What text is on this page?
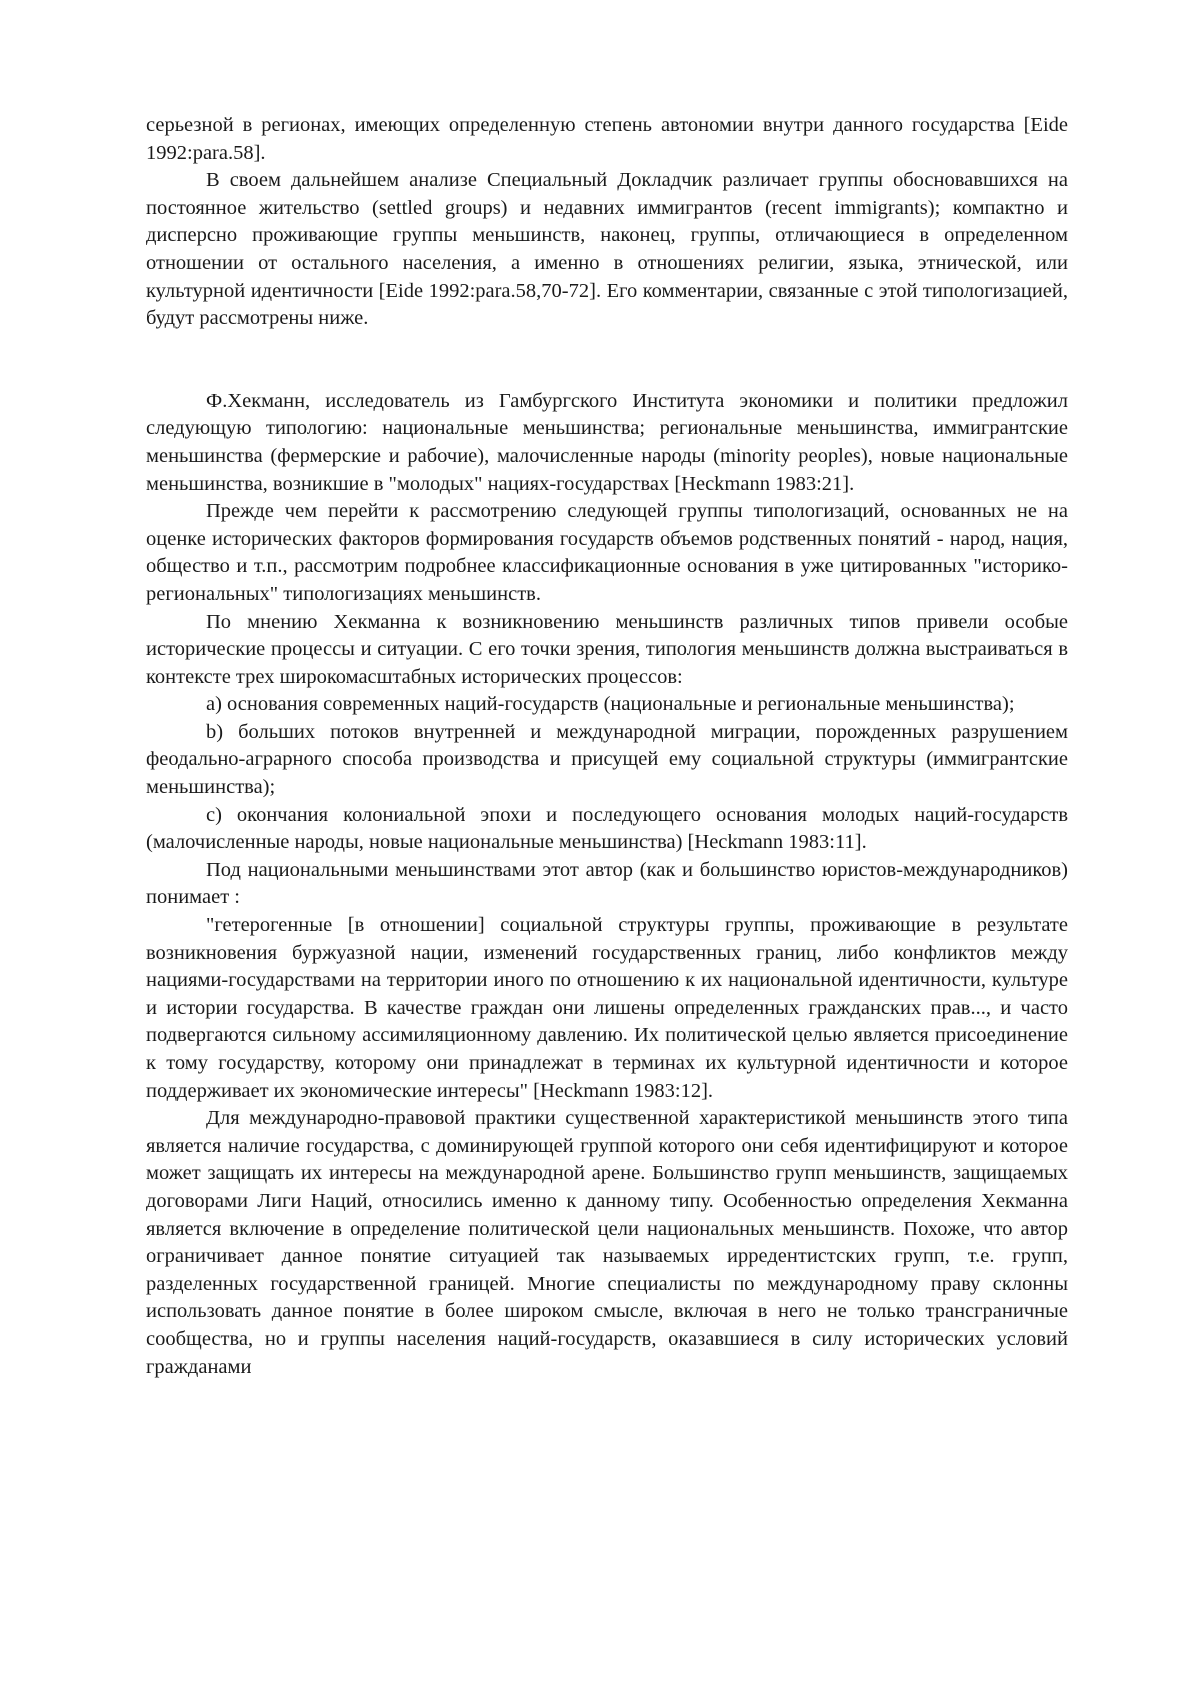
серьезной в регионах, имеющих определенную степень автономии внутри данного государства [Eide 1992:para.58].

В своем дальнейшем анализе Специальный Докладчик различает группы обосновавшихся на постоянное жительство (settled groups) и недавних иммигрантов (recent immigrants); компактно и дисперсно проживающие группы меньшинств, наконец, группы, отличающиеся в определенном отношении от остального населения, а именно в отношениях религии, языка, этнической, или культурной идентичности [Eide 1992:para.58,70-72]. Его комментарии, связанные с этой типологизацией, будут рассмотрены ниже.

Ф.Хекманн, исследователь из Гамбургского Института экономики и политики предложил следующую типологию: национальные меньшинства; региональные меньшинства, иммигрантские меньшинства (фермерские и рабочие), малочисленные народы (minority peoples), новые национальные меньшинства, возникшие в "молодых" нациях-государствах [Heckmann 1983:21].

Прежде чем перейти к рассмотрению следующей группы типологизаций, основанных не на оценке исторических факторов формирования государств объемов родственных понятий - народ, нация, общество и т.п., рассмотрим подробнее классификационные основания в уже цитированных "историко-региональных" типологизациях меньшинств.

По мнению Хекманна к возникновению меньшинств различных типов привели особые исторические процессы и ситуации. С его точки зрения, типология меньшинств должна выстраиваться в контексте трех широкомасштабных исторических процессов:

а) основания современных наций-государств (национальные и региональные меньшинства);

b) больших потоков внутренней и международной миграции, порожденных разрушением феодально-аграрного способа производства и присущей ему социальной структуры (иммигрантские меньшинства);

c) окончания колониальной эпохи и последующего основания молодых наций-государств (малочисленные народы, новые национальные меньшинства) [Heckmann 1983:11].

Под национальными меньшинствами этот автор (как и большинство юристов-международников) понимает :

"гетерогенные [в отношении] социальной структуры группы, проживающие в результате возникновения буржуазной нации, изменений государственных границ, либо конфликтов между нациями-государствами на территории иного по отношению к их национальной идентичности, культуре и истории государства. В качестве граждан они лишены определенных гражданских прав..., и часто подвергаются сильному ассимиляционному давлению. Их политической целью является присоединение к тому государству, которому они принадлежат в терминах их культурной идентичности и которое поддерживает их экономические интересы" [Heckmann 1983:12].

Для международно-правовой практики существенной характеристикой меньшинств этого типа является наличие государства, с доминирующей группой которого они себя идентифицируют и которое может защищать их интересы на международной арене. Большинство групп меньшинств, защищаемых договорами Лиги Наций, относились именно к данному типу. Особенностью определения Хекманна является включение в определение политической цели национальных меньшинств. Похоже, что автор ограничивает данное понятие ситуацией так называемых ирредентистских групп, т.е. групп, разделенных государственной границей. Многие специалисты по международному праву склонны использовать данное понятие в более широком смысле, включая в него не только трансграничные сообщества, но и группы населения наций-государств, оказавшиеся в силу исторических условий гражданами
